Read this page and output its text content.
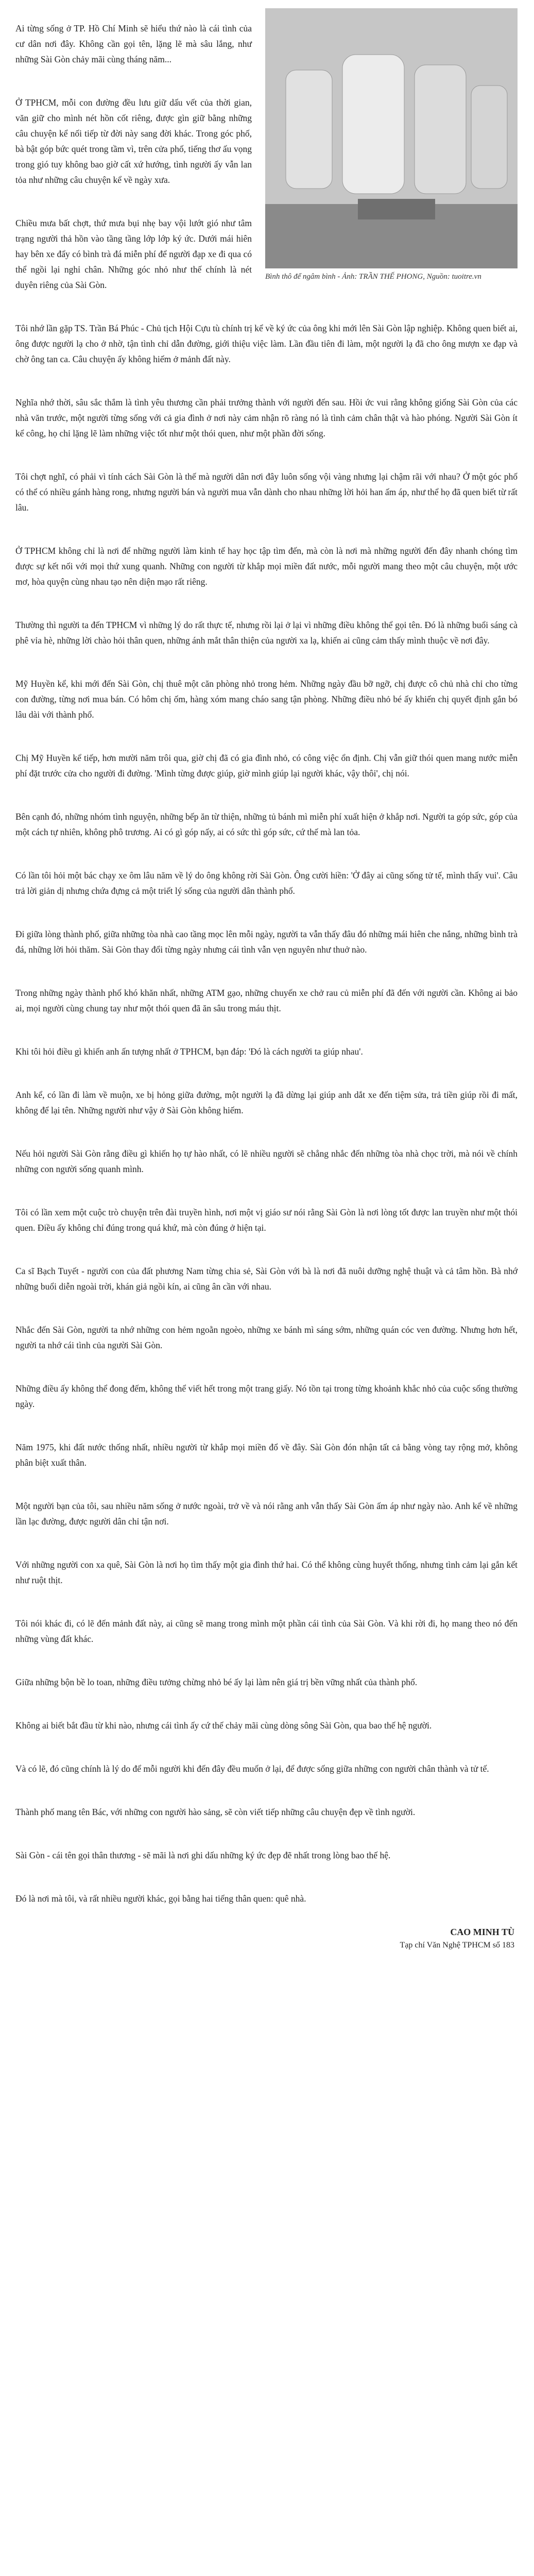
Bình thô để ngâm bình - Ảnh: TRẦN THẾ PHONG, Nguồn: tuoitre.vn

Ai từng sống ở TP. Hồ Chí Minh sẽ hiểu thứ nào là cái tình của cư dân nơi đây. Không cần gọi tên, lặng lẽ mà sâu lắng, như những Sài Gòn chảy mãi cùng tháng năm...

Ở TPHCM, mỗi con đường đều lưu giữ dấu vết của thời gian, văn giữ cho mình nét hồn cốt riêng, được gìn giữ bằng những câu chuyện kể nối tiếp từ đời này sang đời khác. Trong góc phố, bà bật góp bức quét trong tầm vì, trên cửa phố, tiếng thơ ấu vọng trong gió tuy không bao giờ cất xứ hướng, tình người ấy vẫn lan tỏa như những câu chuyện kể về ngày xưa.

Chiều mưa bất chợt, thứ mưa bụi nhẹ bay vội lướt gió như tâm trạng người thả hồn vào tầng tầng lớp lớp ký ức. Dưới mái hiên hay bên xe đẩy có bình trà đá miễn phí để người đạp xe đi qua có thể ngồi lại nghỉ chân. Những góc nhỏ như thế chính là nét duyên riêng của Sài Gòn.

Tôi nhớ lần gặp TS. Trần Bá Phúc - Chủ tịch Hội Cựu tù chính trị kể về ký ức của ông khi mới lên Sài Gòn lập nghiệp. Không quen biết ai, ông được người lạ cho ở nhờ, tận tình chỉ dẫn đường, giới thiệu việc làm. Lần đầu tiên đi làm, một người lạ đã cho ông mượn xe đạp và chờ ông tan ca. Câu chuyện ấy không hiếm ở mảnh đất này.

Nghĩa nhớ thời, sâu sắc thắm là tình yêu thương cần phải trưởng thành với người đến sau. Hồi ức vui rằng không giống Sài Gòn của các nhà văn trước, một người từng sống với cả gia đình ở nơi này cảm nhận rõ ràng nó là tình cảm chân thật và hào phóng. Người Sài Gòn ít kể công, họ chỉ lặng lẽ làm những việc tốt như một thói quen, như một phần đời sống.

Tôi chợt nghĩ, có phải vì tính cách Sài Gòn là thế mà người dân nơi đây luôn sống vội vàng nhưng lại chậm rãi với nhau? Ở một góc phố có thể có nhiều gánh hàng rong, nhưng người bán và người mua vẫn dành cho nhau những lời hỏi han ấm áp, như thể họ đã quen biết từ rất lâu.

Ở TPHCM không chỉ là nơi để những người làm kinh tế hay học tập tìm đến, mà còn là nơi mà những người đến đây nhanh chóng tìm được sự kết nối với mọi thứ xung quanh. Những con người từ khắp mọi miền đất nước, mỗi người mang theo một câu chuyện, một ước mơ, hòa quyện cùng nhau tạo nên diện mạo rất riêng.

Thường thì người ta đến TPHCM vì những lý do rất thực tế, nhưng rồi lại ở lại vì những điều không thể gọi tên. Đó là những buổi sáng cà phê vỉa hè, những lời chào hỏi thân quen, những ánh mắt thân thiện của người xa lạ, khiến ai cũng cảm thấy mình thuộc về nơi đây.

Mỹ Huyền kể, khi mới đến Sài Gòn, chị thuê một căn phòng nhỏ trong hẻm. Những ngày đầu bỡ ngỡ, chị được cô chủ nhà chỉ cho từng con đường, từng nơi mua bán. Có hôm chị ốm, hàng xóm mang cháo sang tận phòng. Những điều nhỏ bé ấy khiến chị quyết định gắn bó lâu dài với thành phố.

Chị Mỹ Huyền kể tiếp, hơn mười năm trôi qua, giờ chị đã có gia đình nhỏ, có công việc ổn định. Chị vẫn giữ thói quen mang nước miễn phí đặt trước cửa cho người đi đường. 'Mình từng được giúp, giờ mình giúp lại người khác, vậy thôi', chị nói.

Bên cạnh đó, những nhóm tình nguyện, những bếp ăn từ thiện, những tủ bánh mì miễn phí xuất hiện ở khắp nơi. Người ta góp sức, góp của một cách tự nhiên, không phô trương. Ai có gì góp nấy, ai có sức thì góp sức, cứ thế mà lan tỏa.

Có lần tôi hỏi một bác chạy xe ôm lâu năm về lý do ông không rời Sài Gòn. Ông cười hiền: 'Ở đây ai cũng sống tử tế, mình thấy vui'. Câu trả lời giản dị nhưng chứa đựng cả một triết lý sống của người dân thành phố.

Đi giữa lòng thành phố, giữa những tòa nhà cao tầng mọc lên mỗi ngày, người ta vẫn thấy đâu đó những mái hiên che nắng, những bình trà đá, những lời hỏi thăm. Sài Gòn thay đổi từng ngày nhưng cái tình vẫn vẹn nguyên như thuở nào.

Trong những ngày thành phố khó khăn nhất, những ATM gạo, những chuyến xe chở rau củ miễn phí đã đến với người cần. Không ai bảo ai, mọi người cùng chung tay như một thói quen đã ăn sâu trong máu thịt.

Khi tôi hỏi điều gì khiến anh ấn tượng nhất ở TPHCM, bạn đáp: 'Đó là cách người ta giúp nhau'.

Anh kể, có lần đi làm về muộn, xe bị hỏng giữa đường, một người lạ đã dừng lại giúp anh dắt xe đến tiệm sửa, trả tiền giúp rồi đi mất, không để lại tên. Những người như vậy ở Sài Gòn không hiếm.

Nếu hỏi người Sài Gòn rằng điều gì khiến họ tự hào nhất, có lẽ nhiều người sẽ chẳng nhắc đến những tòa nhà chọc trời, mà nói về chính những con người sống quanh mình.

Tôi có lần xem một cuộc trò chuyện trên đài truyền hình, nơi một vị giáo sư nói rằng Sài Gòn là nơi lòng tốt được lan truyền như một thói quen. Điều ấy không chỉ đúng trong quá khứ, mà còn đúng ở hiện tại.

Ca sĩ Bạch Tuyết - người con của đất phương Nam từng chia sẻ, Sài Gòn với bà là nơi đã nuôi dưỡng nghệ thuật và cả tâm hồn. Bà nhớ những buổi diễn ngoài trời, khán giả ngồi kín, ai cũng ân cần với nhau.

Nhắc đến Sài Gòn, người ta nhớ những con hẻm ngoằn ngoèo, những xe bánh mì sáng sớm, những quán cóc ven đường. Nhưng hơn hết, người ta nhớ cái tình của người Sài Gòn.

Những điều ấy không thể đong đếm, không thể viết hết trong một trang giấy. Nó tồn tại trong từng khoảnh khắc nhỏ của cuộc sống thường ngày.

Năm 1975, khi đất nước thống nhất, nhiều người từ khắp mọi miền đổ về đây. Sài Gòn đón nhận tất cả bằng vòng tay rộng mở, không phân biệt xuất thân.

Một người bạn của tôi, sau nhiều năm sống ở nước ngoài, trở về và nói rằng anh vẫn thấy Sài Gòn ấm áp như ngày nào. Anh kể về những lần lạc đường, được người dân chỉ tận nơi.

Với những người con xa quê, Sài Gòn là nơi họ tìm thấy một gia đình thứ hai. Có thể không cùng huyết thống, nhưng tình cảm lại gắn kết như ruột thịt.

Tôi nói khác đi, có lẽ đến mảnh đất này, ai cũng sẽ mang trong mình một phần cái tình của Sài Gòn. Và khi rời đi, họ mang theo nó đến những vùng đất khác.

Giữa những bộn bề lo toan, những điều tưởng chừng nhỏ bé ấy lại làm nên giá trị bền vững nhất của thành phố.

Không ai biết bắt đầu từ khi nào, nhưng cái tình ấy cứ thế chảy mãi cùng dòng sông Sài Gòn, qua bao thế hệ người.

Và có lẽ, đó cũng chính là lý do để mỗi người khi đến đây đều muốn ở lại, để được sống giữa những con người chân thành và tử tế.

Thành phố mang tên Bác, với những con người hào sảng, sẽ còn viết tiếp những câu chuyện đẹp về tình người.

Sài Gòn - cái tên gọi thân thương - sẽ mãi là nơi ghi dấu những ký ức đẹp đẽ nhất trong lòng bao thế hệ.

Đó là nơi mà tôi, và rất nhiều người khác, gọi bằng hai tiếng thân quen: quê nhà.

CAO MINH TÙ
Tạp chí Văn Nghệ TPHCM số 183
